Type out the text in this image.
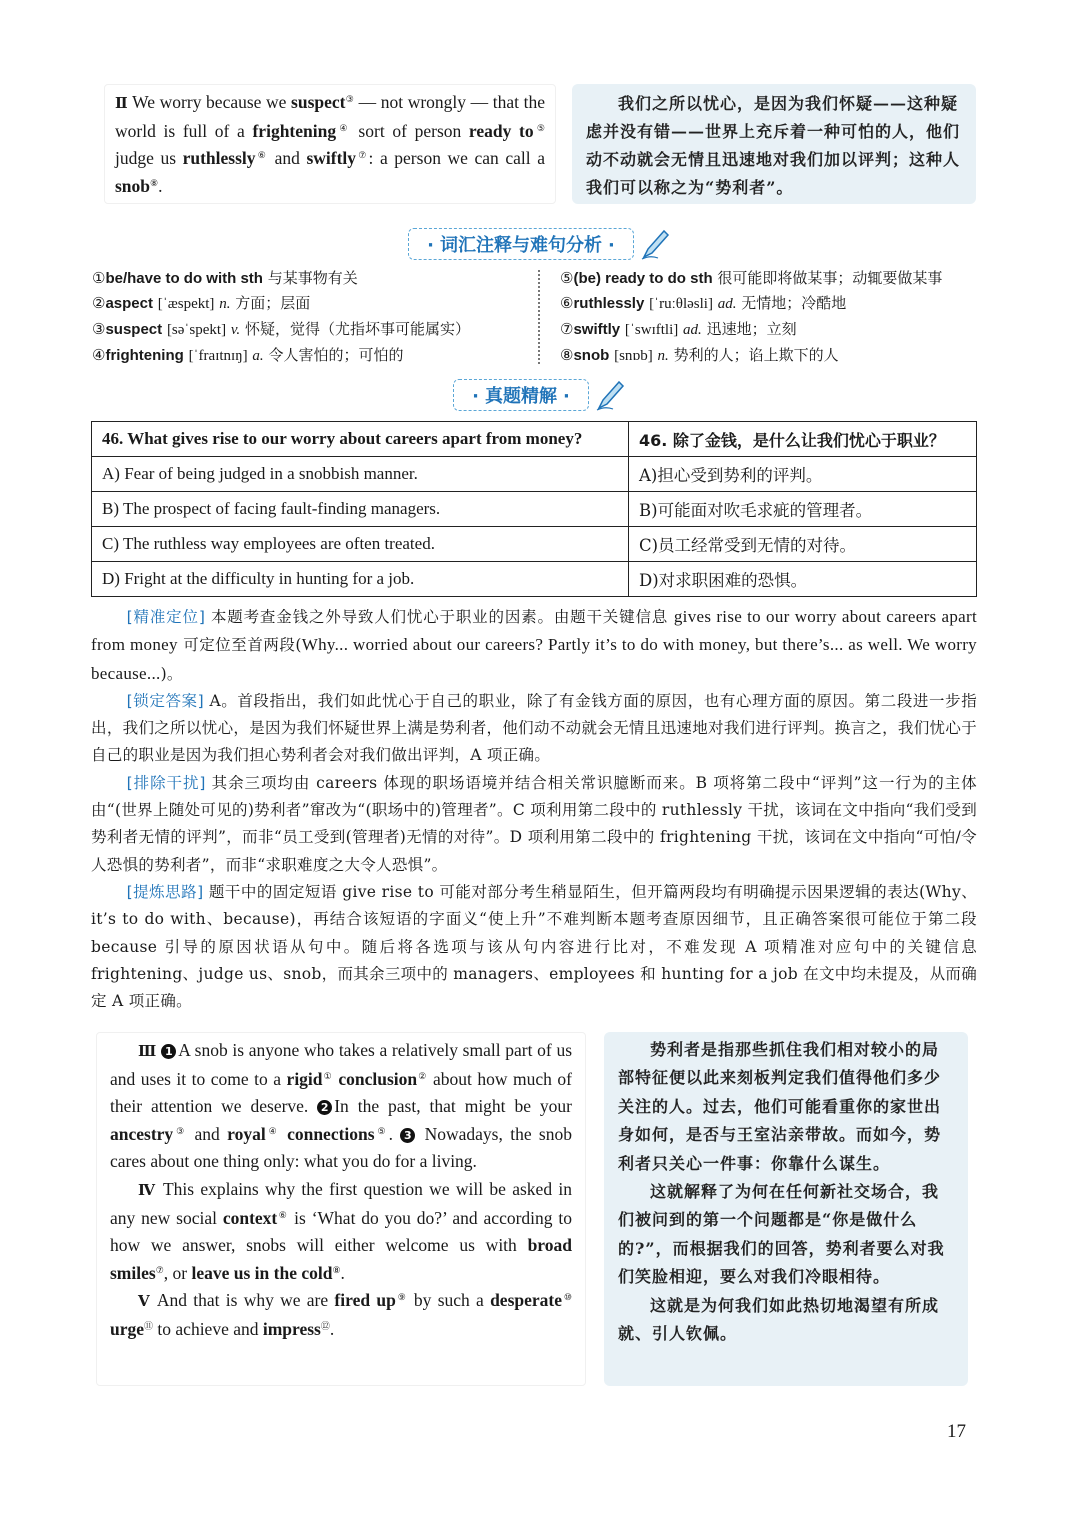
Ⅱ We worry because we suspect③ — not wrongly — that the world is full of a frightening④ sort of person ready to⑤ judge us ruthlessly⑥ and swiftly⑦: a person we can call a snob⑧.

我们之所以忧心，是因为我们怀疑——这种疑虑并没有错——世界上充斥着一种可怕的人，他们动不动就会无情且迅速地对我们加以评判；这种人我们可以称之为“势利者”。

· 词汇注释与难句分析 ·
①be/have to do with sth 与某事物有关
②aspect [ˈæspekt] n. 方面；层面
③suspect [səˈspekt] v. 怀疑，觉得（尤指坏事可能属实）
④frightening [ˈfraɪtnɪŋ] a. 令人害怕的；可怕的
⑤(be) ready to do sth 很可能即将做某事；动辄要做某事
⑥ruthlessly [ˈruːθləsli] ad. 无情地；冷酷地
⑦swiftly [ˈswɪftli] ad. 迅速地；立刻
⑧snob [snɒb] n. 势利的人；谄上欺下的人
· 真题精解 ·
46. What gives rise to our worry about careers apart from money?	46. 除了金钱，是什么让我们忧心于职业？
A) Fear of being judged in a snobbish manner.	A)担心受到势利的评判。
B) The prospect of facing fault-finding managers.	B)可能面对吹毛求疵的管理者。
C) The ruthless way employees are often treated.	C)员工经常受到无情的对待。
D) Fright at the difficulty in hunting for a job.	D)对求职困难的恐惧。

[精准定位] 本题考查金钱之外导致人们忧心于职业的因素。由题干关键信息 gives rise to our worry about careers apart from money 可定位至首两段(Why... worried about our careers? Partly it’s to do with money, but there’s... as well. We worry because...)。

[锁定答案] A。首段指出，我们如此忧心于自己的职业，除了有金钱方面的原因，也有心理方面的原因。第二段进一步指出，我们之所以忧心，是因为我们怀疑世界上满是势利者，他们动不动就会无情且迅速地对我们进行评判。换言之，我们忧心于自己的职业是因为我们担心势利者会对我们做出评判，A 项正确。

[排除干扰] 其余三项均由 careers 体现的职场语境并结合相关常识臆断而来。B 项将第二段中“评判”这一行为的主体由“(世界上随处可见的)势利者”窜改为“(职场中的)管理者”。C 项利用第二段中的 ruthlessly 干扰，该词在文中指向“我们受到势利者无情的评判”，而非“员工受到(管理者)无情的对待”。D 项利用第二段中的 frightening 干扰，该词在文中指向“可怕/令人恐惧的势利者”，而非“求职难度之大令人恐惧”。

[提炼思路] 题干中的固定短语 give rise to 可能对部分考生稍显陌生，但开篇两段均有明确提示因果逻辑的表达(Why、it’s to do with、because)，再结合该短语的字面义“使上升”不难判断本题考查原因细节，且正确答案很可能位于第二段 because 引导的原因状语从句中。随后将各选项与该从句内容进行比对，不难发现 A 项精准对应句中的关键信息 frightening、judge us、snob，而其余三项中的 managers、employees 和 hunting for a job 在文中均未提及，从而确定 A 项正确。

Ⅲ 1 A snob is anyone who takes a relatively small part of us and uses it to come to a rigid① conclusion② about how much of their attention we deserve. 2 In the past, that might be your ancestry③ and royal④ connections⑤. 3 Nowadays, the snob cares about one thing only: what you do for a living.

Ⅳ This explains why the first question we will be asked in any new social context⑥ is ‘What do you do?’ and according to how we answer, snobs will either welcome us with broad smiles⑦, or leave us in the cold⑧.

Ⅴ And that is why we are fired up⑨ by such a desperate⑩ urge⑪ to achieve and impress⑫.

势利者是指那些抓住我们相对较小的局部特征便以此来刻板判定我们值得他们多少关注的人。过去，他们可能看重你的家世出身如何，是否与王室沾亲带故。而如今，势利者只关心一件事：你靠什么谋生。

这就解释了为何在任何新社交场合，我们被问到的第一个问题都是“你是做什么的?”，而根据我们的回答，势利者要么对我们笑脸相迎，要么对我们冷眼相待。

这就是为何我们如此热切地渴望有所成就、引人钦佩。

17
